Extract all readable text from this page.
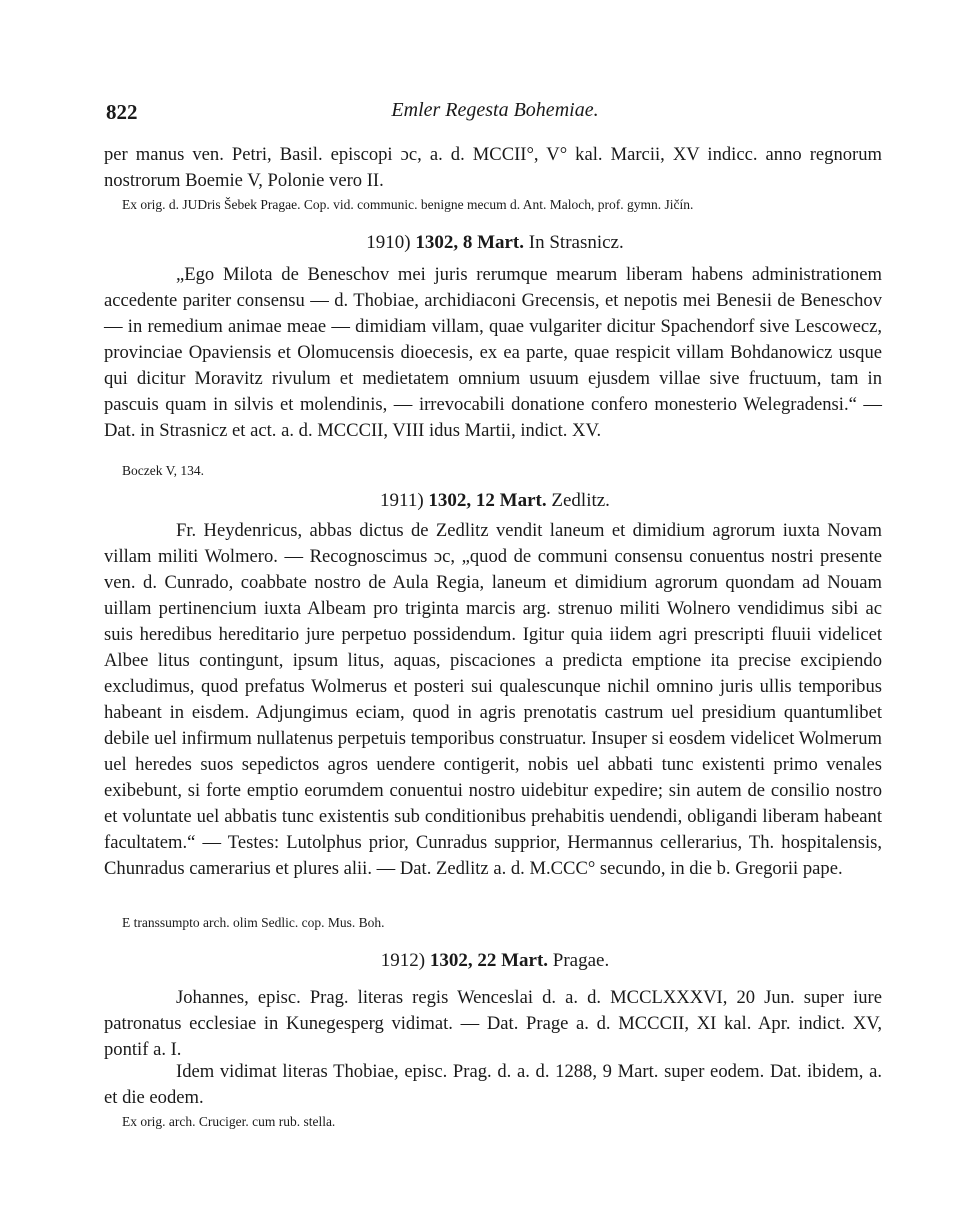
822	Emler Regesta Bohemiae.

per manus ven. Petri, Basil. episcopi ɔc, a. d. MCCII°, V° kal. Marcii, XV indicc. anno regnorum nostrorum Boemie V, Polonie vero II.

Ex orig. d. JUDris Šebek Pragae. Cop. vid. communic. benigne mecum d. Ant. Maloch, prof. gymn. Jičín.

1910) 1302, 8 Mart. In Strasnicz.

„Ego Milota de Beneschov mei juris rerumque mearum liberam habens administrationem accedente pariter consensu — d. Thobiae, archidiaconi Grecensis, et nepotis mei Benesii de Beneschov — in remedium animae meae — dimidiam villam, quae vulgariter dicitur Spachendorf sive Lescowecz, provinciae Opaviensis et Olomucensis dioecesis, ex ea parte, quae respicit villam Bohdanowicz usque qui dicitur Moravitz rivulum et medietatem omnium usuum ejusdem villae sive fructuum, tam in pascuis quam in silvis et molendinis, — irrevocabili donatione confero monesterio Welegradensi.“ — Dat. in Strasnicz et act. a. d. MCCCII, VIII idus Martii, indict. XV.

Boczek V, 134.

1911) 1302, 12 Mart. Zedlitz.

Fr. Heydenricus, abbas dictus de Zedlitz vendit laneum et dimidium agrorum iuxta Novam villam militi Wolmero. — Recognoscimus ɔc, „quod de communi consensu conuentus nostri presente ven. d. Cunrado, coabbate nostro de Aula Regia, laneum et dimidium agrorum quondam ad Nouam uillam pertinencium iuxta Albeam pro triginta marcis arg. strenuo militi Wolnero vendidimus sibi ac suis heredibus hereditario jure perpetuo possidendum. Igitur quia iidem agri prescripti fluuii videlicet Albee litus contingunt, ipsum litus, aquas, piscaciones a predicta emptione ita precise excipiendo excludimus, quod prefatus Wolmerus et posteri sui qualescunque nichil omnino juris ullis temporibus habeant in eisdem. Adjungimus eciam, quod in agris prenotatis castrum uel presidium quantumlibet debile uel infirmum nullatenus perpetuis temporibus construatur. Insuper si eosdem videlicet Wolmerum uel heredes suos sepedictos agros uendere contigerit, nobis uel abbati tunc existenti primo venales exibebunt, si forte emptio eorumdem conuentui nostro uidebitur expedire; sin autem de consilio nostro et voluntate uel abbatis tunc existentis sub conditionibus prehabitis uendendi, obligandi liberam habeant facultatem.“ — Testes: Lutolphus prior, Cunradus supprior, Hermannus cellerarius, Th. hospitalensis, Chunradus camerarius et plures alii. — Dat. Zedlitz a. d. M.CCC° secundo, in die b. Gregorii pape.

E transsumpto arch. olim Sedlic. cop. Mus. Boh.

1912) 1302, 22 Mart. Pragae.

Johannes, episc. Prag. literas regis Wenceslai d. a. d. MCCLXXXVI, 20 Jun. super iure patronatus ecclesiae in Kunegesperg vidimat. — Dat. Prage a. d. MCCCII, XI kal. Apr. indict. XV, pontif a. I.

Idem vidimat literas Thobiae, episc. Prag. d. a. d. 1288, 9 Mart. super eodem. Dat. ibidem, a. et die eodem.

Ex orig. arch. Cruciger. cum rub. stella.
